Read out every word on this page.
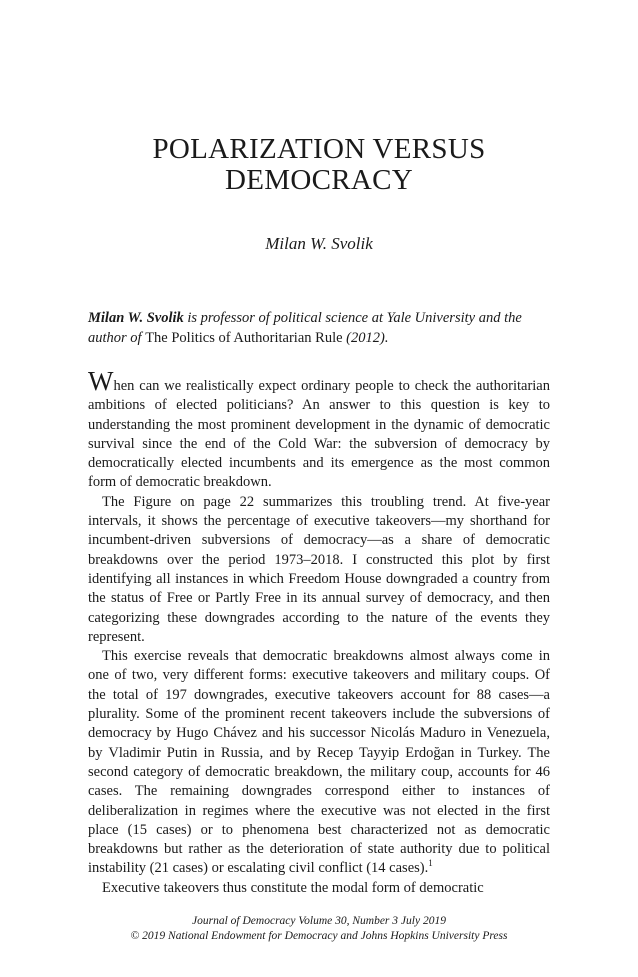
POLARIZATION VERSUS
DEMOCRACY
Milan W. Svolik
Milan W. Svolik is professor of political science at Yale University and the author of The Politics of Authoritarian Rule (2012).

When can we realistically expect ordinary people to check the authoritarian ambitions of elected politicians? An answer to this question is key to understanding the most prominent development in the dynamic of democratic survival since the end of the Cold War: the subversion of democracy by democratically elected incumbents and its emergence as the most common form of democratic breakdown.

The Figure on page 22 summarizes this troubling trend. At five-year intervals, it shows the percentage of executive takeovers—my shorthand for incumbent-driven subversions of democracy—as a share of democratic breakdowns over the period 1973–2018. I constructed this plot by first identifying all instances in which Freedom House downgraded a country from the status of Free or Partly Free in its annual survey of democracy, and then categorizing these downgrades according to the nature of the events they represent.

This exercise reveals that democratic breakdowns almost always come in one of two, very different forms: executive takeovers and military coups. Of the total of 197 downgrades, executive takeovers account for 88 cases—a plurality. Some of the prominent recent takeovers include the subversions of democracy by Hugo Chávez and his successor Nicolás Maduro in Venezuela, by Vladimir Putin in Russia, and by Recep Tayyip Erdoğan in Turkey. The second category of democratic breakdown, the military coup, accounts for 46 cases. The remaining downgrades correspond either to instances of deliberalization in regimes where the executive was not elected in the first place (15 cases) or to phenomena best characterized not as democratic breakdowns but rather as the deterioration of state authority due to political instability (21 cases) or escalating civil conflict (14 cases).$^1$

Executive takeovers thus constitute the modal form of democratic

Journal of Democracy Volume 30, Number 3 July 2019
© 2019 National Endowment for Democracy and Johns Hopkins University Press
